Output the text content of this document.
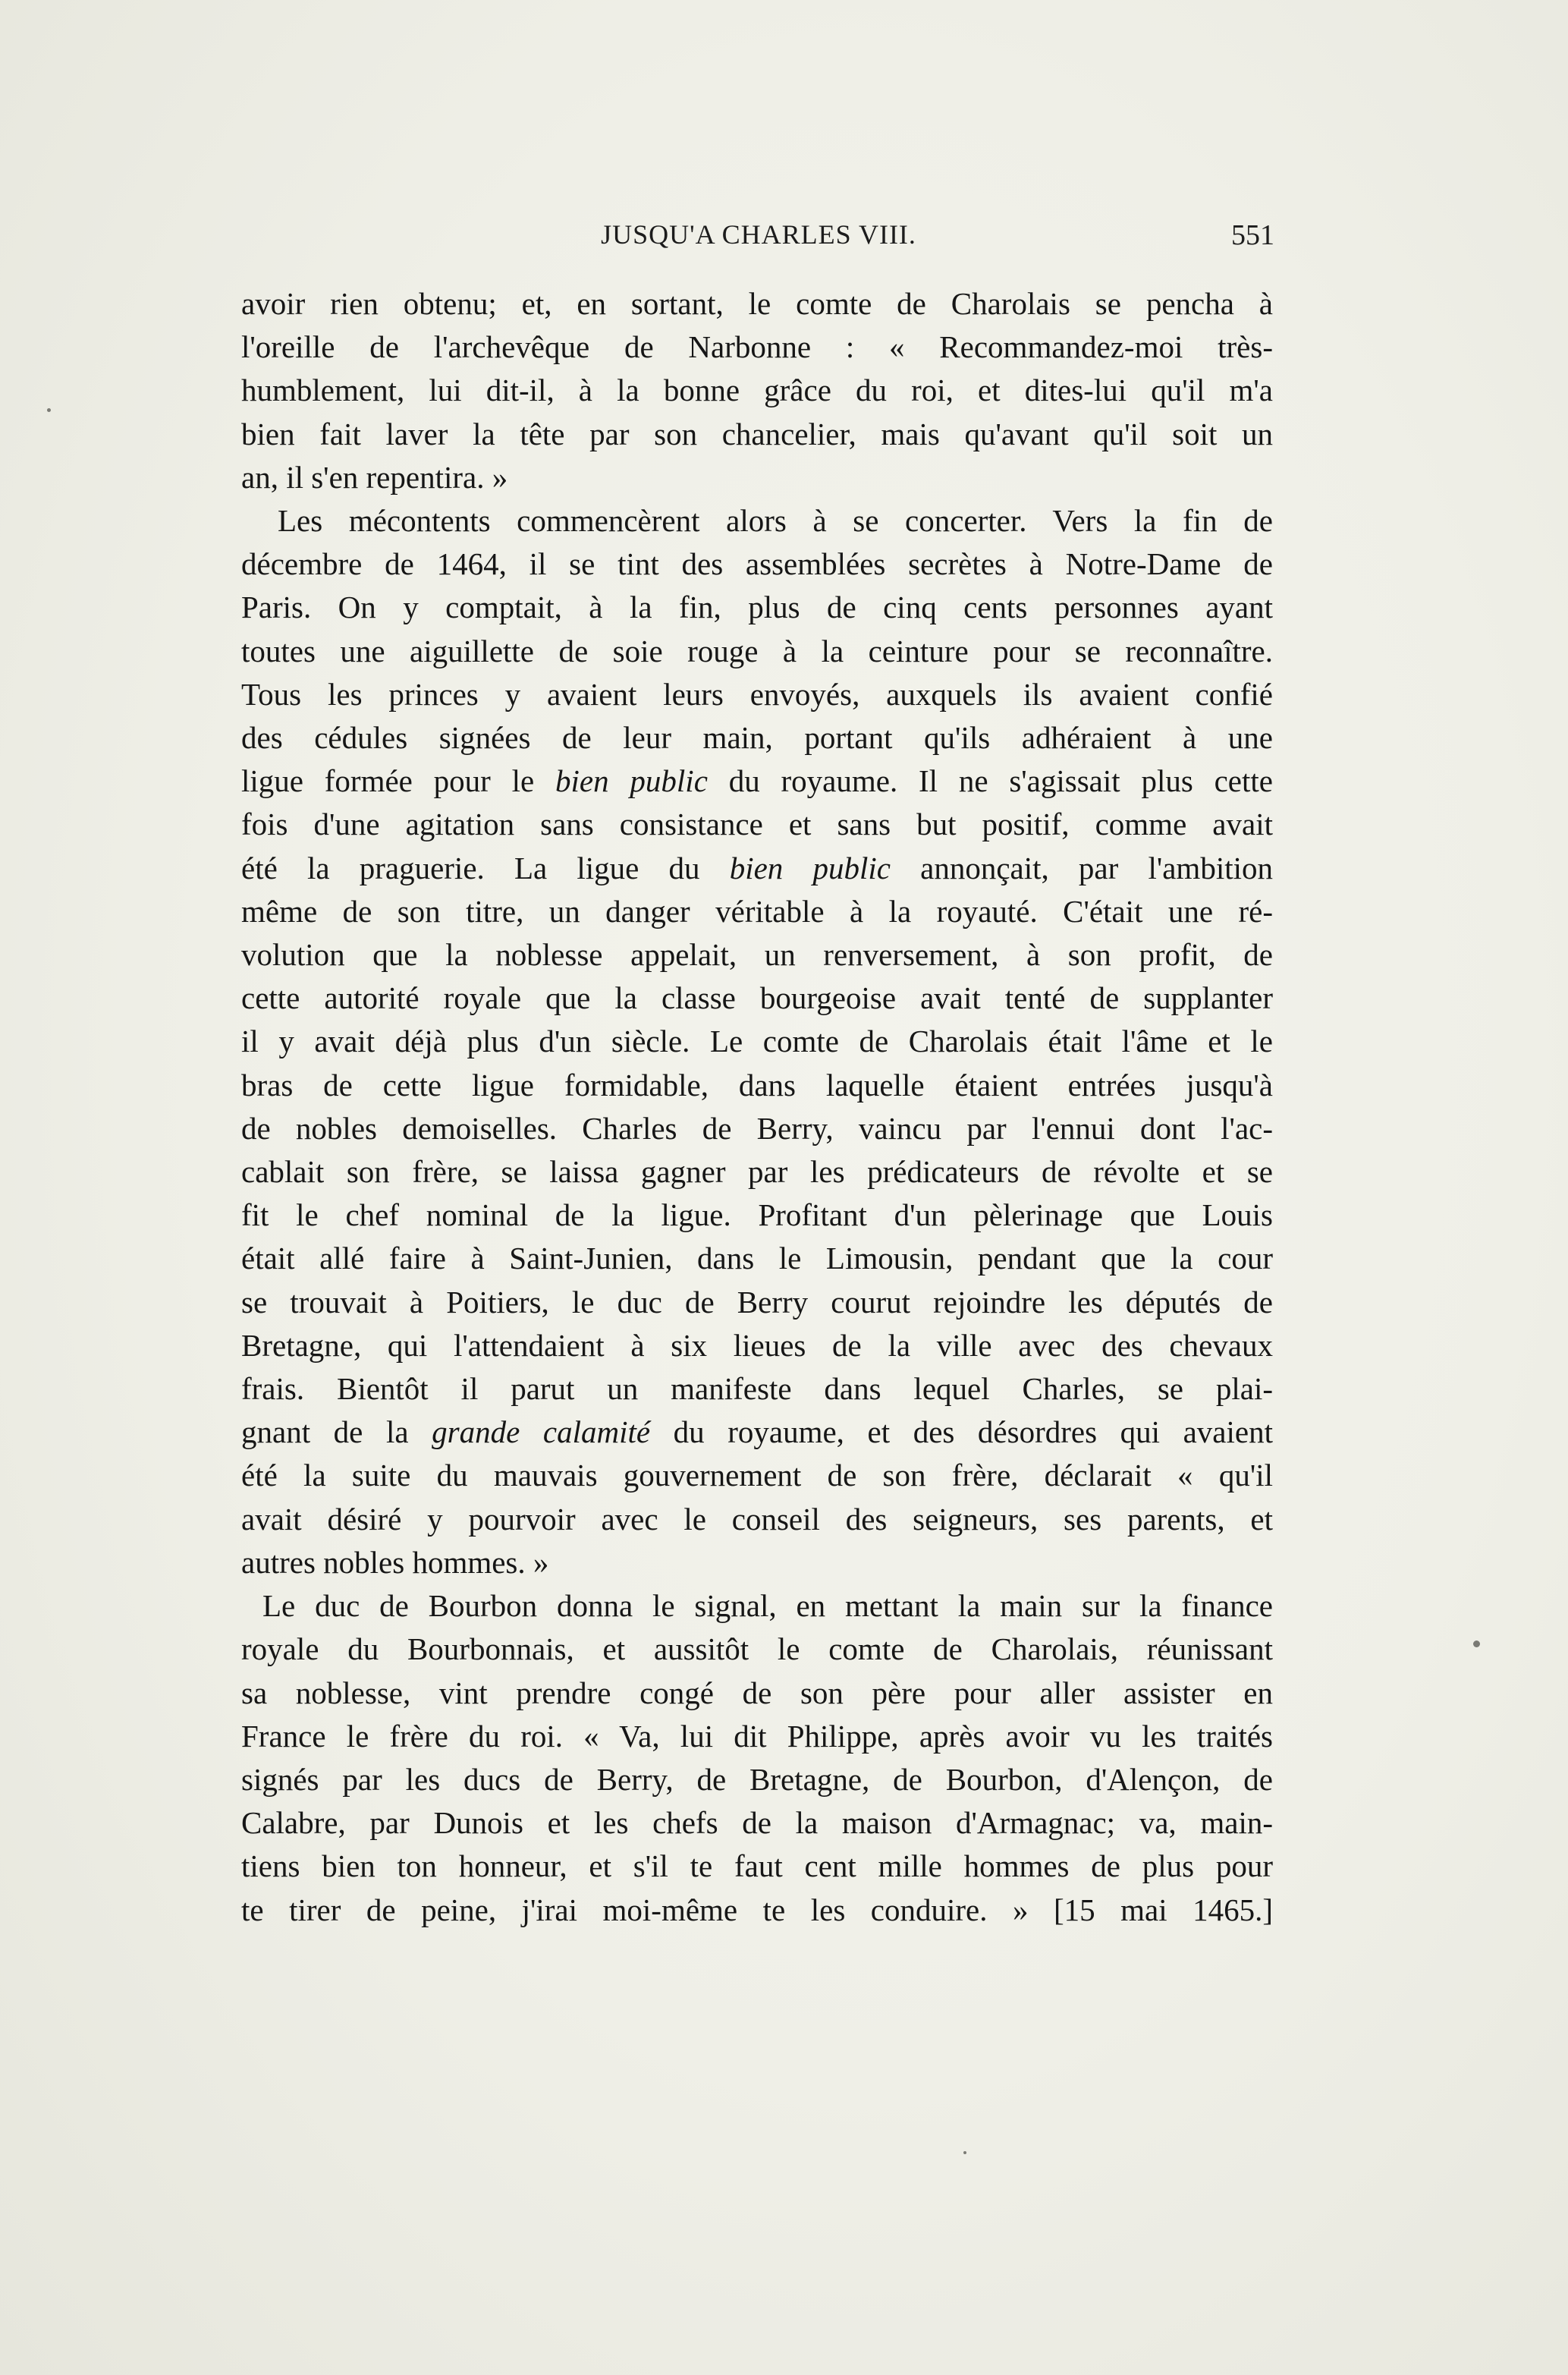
JUSQU'A CHARLES VIII.	551
avoir rien obtenu; et, en sortant, le comte de Charolais se pencha à
l'oreille de l'archevêque de Narbonne : « Recommandez-moi très-
humblement, lui dit-il, à la bonne grâce du roi, et dites-lui qu'il m'a
bien fait laver la tête par son chancelier, mais qu'avant qu'il soit un
an, il s'en repentira. »
Les mécontents commencèrent alors à se concerter. Vers la fin de
décembre de 1464, il se tint des assemblées secrètes à Notre-Dame de
Paris. On y comptait, à la fin, plus de cinq cents personnes ayant
toutes une aiguillette de soie rouge à la ceinture pour se reconnaître.
Tous les princes y avaient leurs envoyés, auxquels ils avaient confié
des cédules signées de leur main, portant qu'ils adhéraient à une
ligue formée pour le bien public du royaume. Il ne s'agissait plus cette
fois d'une agitation sans consistance et sans but positif, comme avait
été la praguerie. La ligue du bien public annonçait, par l'ambition
même de son titre, un danger véritable à la royauté. C'était une ré-
volution que la noblesse appelait, un renversement, à son profit, de
cette autorité royale que la classe bourgeoise avait tenté de supplanter
il y avait déjà plus d'un siècle. Le comte de Charolais était l'âme et le
bras de cette ligue formidable, dans laquelle étaient entrées jusqu'à
de nobles demoiselles. Charles de Berry, vaincu par l'ennui dont l'ac-
cablait son frère, se laissa gagner par les prédicateurs de révolte et se
fit le chef nominal de la ligue. Profitant d'un pèlerinage que Louis
était allé faire à Saint-Junien, dans le Limousin, pendant que la cour
se trouvait à Poitiers, le duc de Berry courut rejoindre les députés de
Bretagne, qui l'attendaient à six lieues de la ville avec des chevaux
frais. Bientôt il parut un manifeste dans lequel Charles, se plai-
gnant de la grande calamité du royaume, et des désordres qui avaient
été la suite du mauvais gouvernement de son frère, déclarait « qu'il
avait désiré y pourvoir avec le conseil des seigneurs, ses parents, et
autres nobles hommes. »
Le duc de Bourbon donna le signal, en mettant la main sur la finance
royale du Bourbonnais, et aussitôt le comte de Charolais, réunissant
sa noblesse, vint prendre congé de son père pour aller assister en
France le frère du roi. « Va, lui dit Philippe, après avoir vu les traités
signés par les ducs de Berry, de Bretagne, de Bourbon, d'Alençon, de
Calabre, par Dunois et les chefs de la maison d'Armagnac; va, main-
tiens bien ton honneur, et s'il te faut cent mille hommes de plus pour
te tirer de peine, j'irai moi-même te les conduire. » [15 mai 1465.]
